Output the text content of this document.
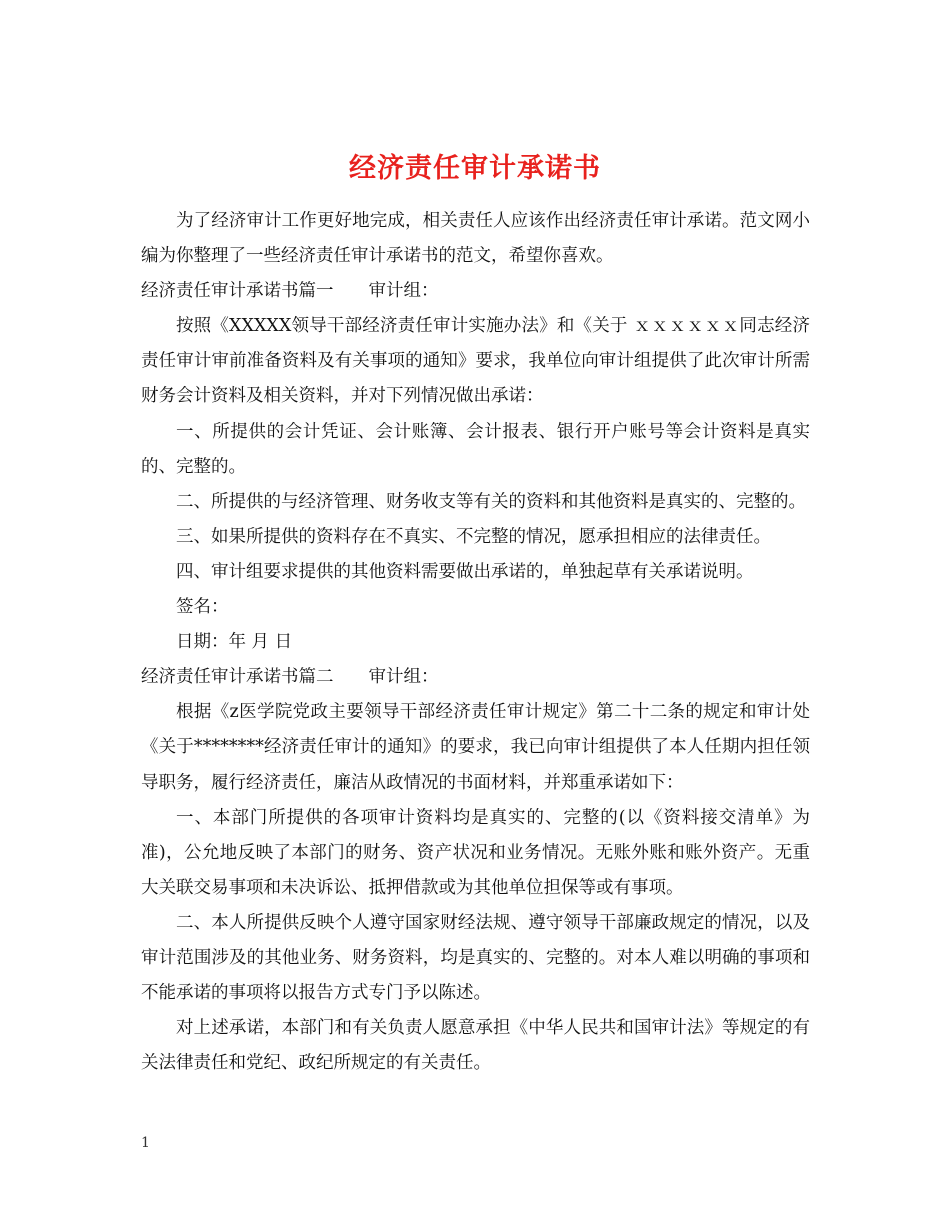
经济责任审计承诺书

为了经济审计工作更好地完成，相关责任人应该作出经济责任审计承诺。范文网小编为你整理了一些经济责任审计承诺书的范文，希望你喜欢。

经济责任审计承诺书篇一　　审计组：

按照《XXXXX领导干部经济责任审计实施办法》和《关于 ｘｘｘｘｘｘ同志经济责任审计审前准备资料及有关事项的通知》要求，我单位向审计组提供了此次审计所需财务会计资料及相关资料，并对下列情况做出承诺：

一、所提供的会计凭证、会计账簿、会计报表、银行开户账号等会计资料是真实的、完整的。

二、所提供的与经济管理、财务收支等有关的资料和其他资料是真实的、完整的。

三、如果所提供的资料存在不真实、不完整的情况，愿承担相应的法律责任。

四、审计组要求提供的其他资料需要做出承诺的，单独起草有关承诺说明。

签名：

日期：年 月 日

经济责任审计承诺书篇二　　审计组：

根据《z医学院党政主要领导干部经济责任审计规定》第二十二条的规定和审计处《关于********经济责任审计的通知》的要求，我已向审计组提供了本人任期内担任领导职务，履行经济责任，廉洁从政情况的书面材料，并郑重承诺如下：

一、本部门所提供的各项审计资料均是真实的、完整的(以《资料接交清单》为准)，公允地反映了本部门的财务、资产状况和业务情况。无账外账和账外资产。无重大关联交易事项和未决诉讼、抵押借款或为其他单位担保等或有事项。

二、本人所提供反映个人遵守国家财经法规、遵守领导干部廉政规定的情况，以及审计范围涉及的其他业务、财务资料，均是真实的、完整的。对本人难以明确的事项和不能承诺的事项将以报告方式专门予以陈述。

对上述承诺，本部门和有关负责人愿意承担《中华人民共和国审计法》等规定的有关法律责任和党纪、政纪所规定的有关责任。

1
